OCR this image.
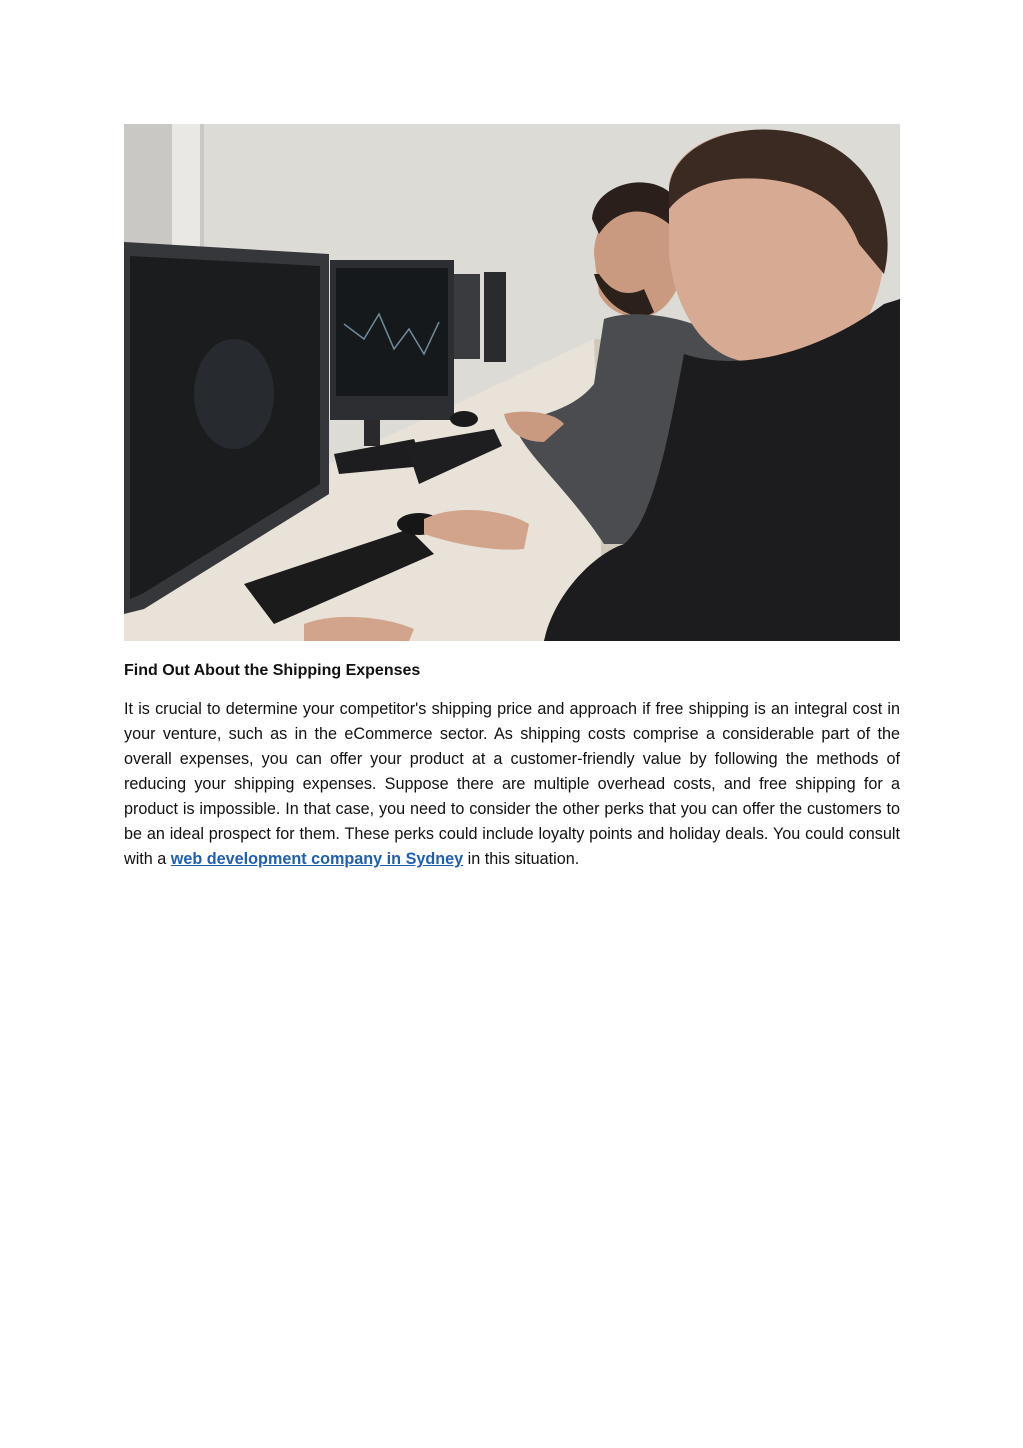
Find Out About the Shipping Expenses

It is crucial to determine your competitor's shipping price and approach if free shipping is an integral cost in your venture, such as in the eCommerce sector. As shipping costs comprise a considerable part of the overall expenses, you can offer your product at a customer-friendly value by following the methods of reducing your shipping expenses. Suppose there are multiple overhead costs, and free shipping for a product is impossible. In that case, you need to consider the other perks that you can offer the customers to be an ideal prospect for them. These perks could include loyalty points and holiday deals. You could consult with a web development company in Sydney in this situation.
